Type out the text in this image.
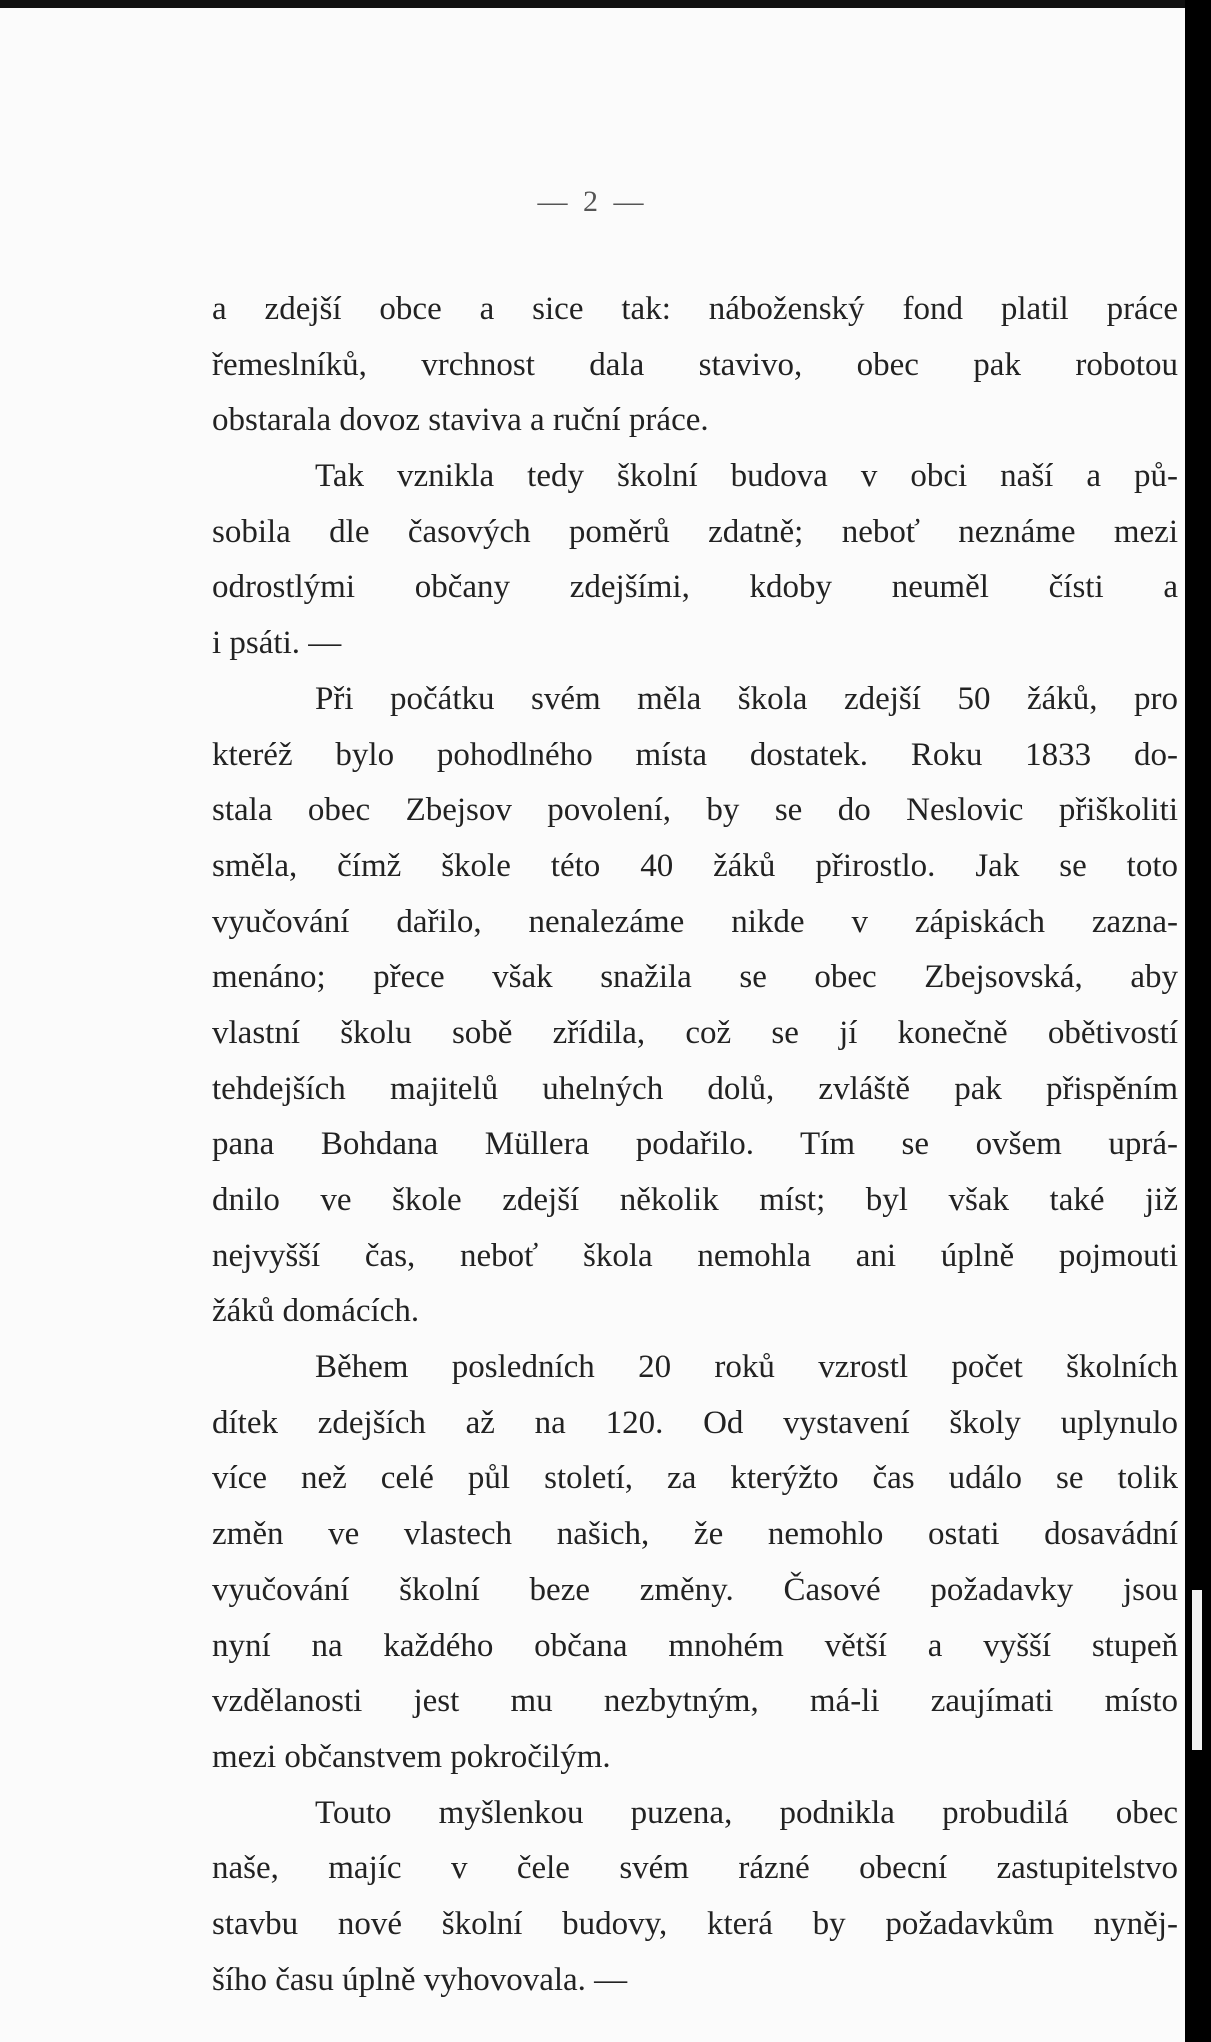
— 2 —
a zdejší obce a sice tak: náboženský fond platil práce
řemeslníků, vrchnost dala stavivo, obec pak robotou
obstarala dovoz staviva a ruční práce.
Tak vznikla tedy školní budova v obci naší a pů-
sobila dle časových poměrů zdatně; neboť neznáme mezi
odrostlými občany zdejšími, kdoby neuměl čísti a
i psáti. —
Při počátku svém měla škola zdejší 50 žáků, pro
kteréž bylo pohodlného místa dostatek. Roku 1833 do-
stala obec Zbejsov povolení, by se do Neslovic přiškoliti
směla, čímž škole této 40 žáků přirostlo. Jak se toto
vyučování dařilo, nenalezáme nikde v zápiskách zazna-
menáno; přece však snažila se obec Zbejsovská, aby
vlastní školu sobě zřídila, což se jí konečně obětivostí
tehdejších majitelů uhelných dolů, zvláště pak přispěním
pana Bohdana Müllera podařilo. Tím se ovšem uprá-
dnilo ve škole zdejší několik míst; byl však také již
nejvyšší čas, neboť škola nemohla ani úplně pojmouti
žáků domácích.
Během posledních 20 roků vzrostl počet školních
dítek zdejších až na 120. Od vystavení školy uplynulo
více než celé půl století, za kterýžto čas událo se tolik
změn ve vlastech našich, že nemohlo ostati dosavádní
vyučování školní beze změny. Časové požadavky jsou
nyní na každého občana mnohém větší a vyšší stupeň
vzdělanosti jest mu nezbytným, má-li zaujímati místo
mezi občanstvem pokročilým.
Touto myšlenkou puzena, podnikla probudilá obec
naše, majíc v čele svém rázné obecní zastupitelstvo
stavbu nové školní budovy, která by požadavkům nyněj-
šího času úplně vyhovovala. —
